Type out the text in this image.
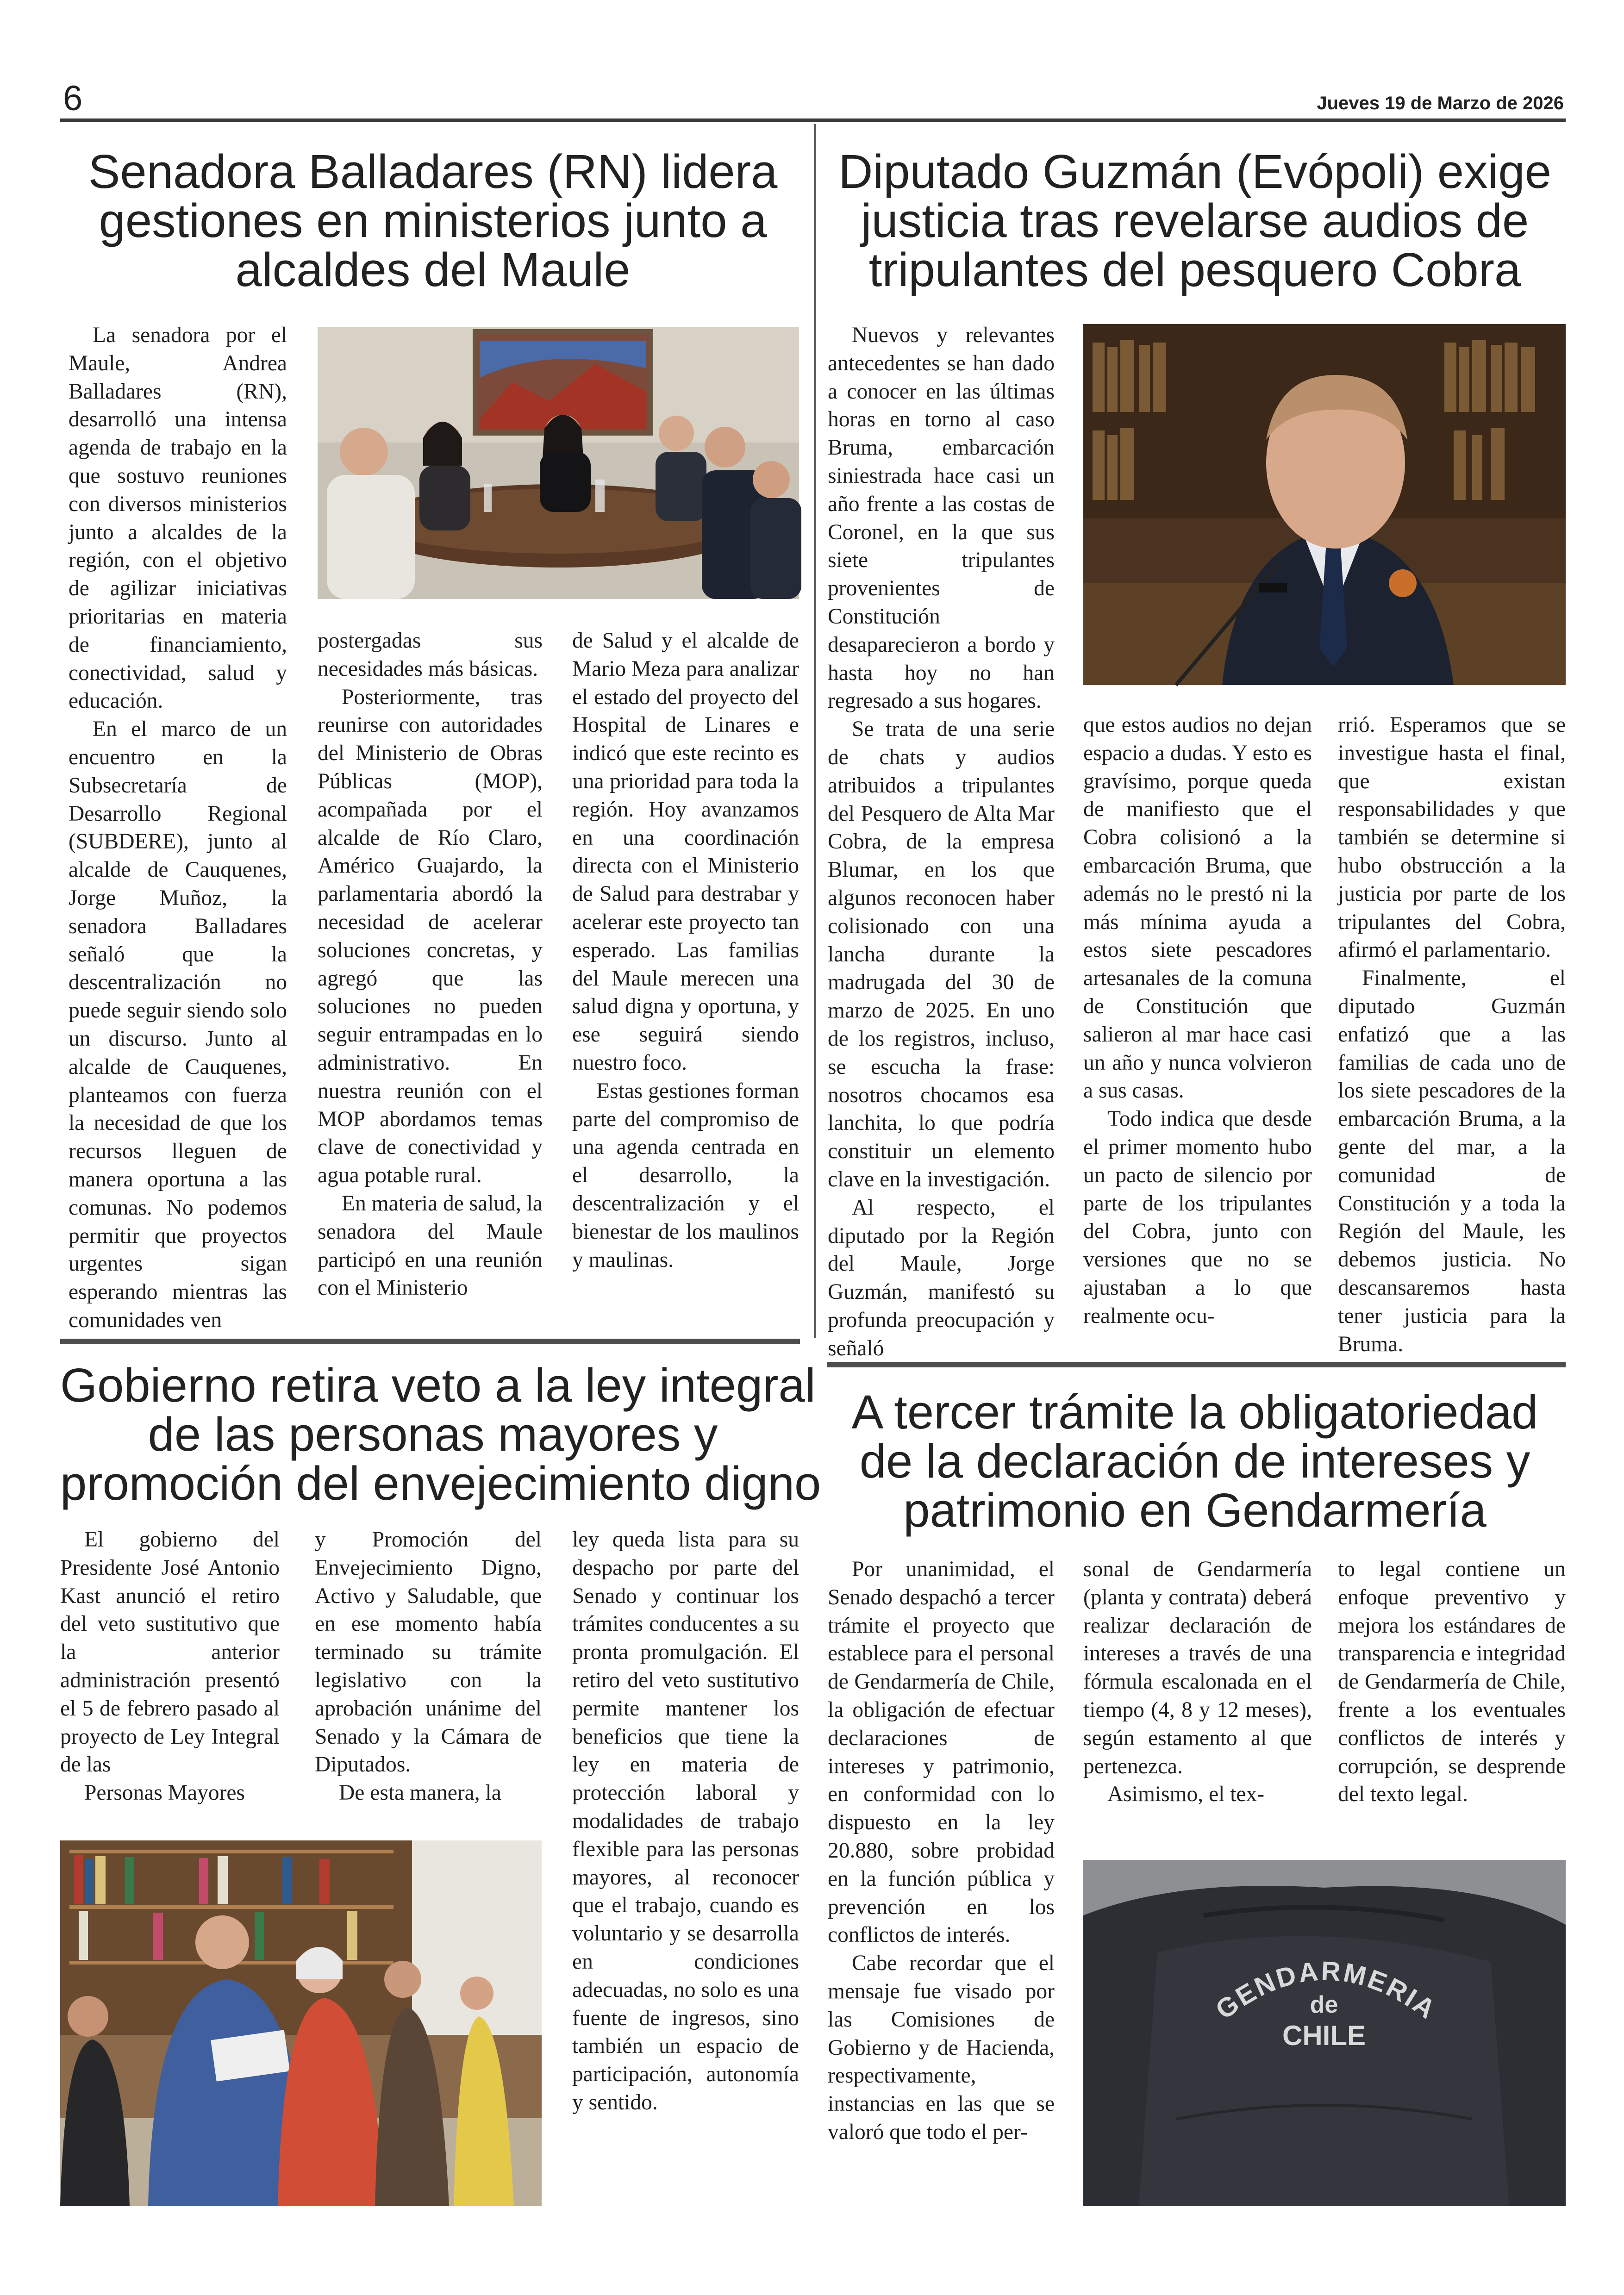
6	Jueves 19 de Marzo de 2026
Senadora Balladares (RN) lidera
gestiones en ministerios junto a
alcaldes del Maule

La senadora por el Maule, Andrea Balladares (RN), desarrolló una intensa agenda de trabajo en la que sostuvo reuniones con diversos ministerios junto a alcaldes de la región, con el objetivo de agilizar iniciativas prioritarias en materia de financiamiento, conectividad, salud y educación.

En el marco de un encuentro en la Subsecretaría de Desarrollo Regional (SUBDERE), junto al alcalde de Cauquenes, Jorge Muñoz, la senadora Balladares señaló que la descentralización no puede seguir siendo solo un discurso. Junto al alcalde de Cauquenes, planteamos con fuerza la necesidad de que los recursos lleguen de manera oportuna a las comunas. No podemos permitir que proyectos urgentes sigan esperando mientras las comunidades ven

postergadas sus necesidades más básicas.

Posteriormente, tras reunirse con autoridades del Ministerio de Obras Públicas (MOP), acompañada por el alcalde de Río Claro, Américo Guajardo, la parlamentaria abordó la necesidad de acelerar soluciones concretas, y agregó que las soluciones no pueden seguir entrampadas en lo administrativo. En nuestra reunión con el MOP abordamos temas clave de conectividad y agua potable rural.

En materia de salud, la senadora del Maule participó en una reunión con el Ministerio

de Salud y el alcalde de Mario Meza para analizar el estado del proyecto del Hospital de Linares e indicó que este recinto es una prioridad para toda la región. Hoy avanzamos en una coordinación directa con el Ministerio de Salud para destrabar y acelerar este proyecto tan esperado. Las familias del Maule merecen una salud digna y oportuna, y ese seguirá siendo nuestro foco.

Estas gestiones forman parte del compromiso de una agenda centrada en el desarrollo, la descentralización y el bienestar de los maulinos y maulinas.

Diputado Guzmán (Evópoli) exige
justicia tras revelarse audios de
tripulantes del pesquero Cobra

Nuevos y relevantes antecedentes se han dado a conocer en las últimas horas en torno al caso Bruma, embarcación siniestrada hace casi un año frente a las costas de Coronel, en la que sus siete tripulantes provenientes de Constitución desaparecieron a bordo y hasta hoy no han regresado a sus hogares.

Se trata de una serie de chats y audios atribuidos a tripulantes del Pesquero de Alta Mar Cobra, de la empresa Blumar, en los que algunos reconocen haber colisionado con una lancha durante la madrugada del 30 de marzo de 2025. En uno de los registros, incluso, se escucha la frase: nosotros chocamos esa lanchita, lo que podría constituir un elemento clave en la investigación.

Al respecto, el diputado por la Región del Maule, Jorge Guzmán, manifestó su profunda preocupación y señaló

que estos audios no dejan espacio a dudas. Y esto es gravísimo, porque queda de manifiesto que el Cobra colisionó a la embarcación Bruma, que además no le prestó ni la más mínima ayuda a estos siete pescadores artesanales de la comuna de Constitución que salieron al mar hace casi un año y nunca volvieron a sus casas.

Todo indica que desde el primer momento hubo un pacto de silencio por parte de los tripulantes del Cobra, junto con versiones que no se ajustaban a lo que realmente ocu-

rrió. Esperamos que se investigue hasta el final, que existan responsabilidades y que también se determine si hubo obstrucción a la justicia por parte de los tripulantes del Cobra, afirmó el parlamentario.

Finalmente, el diputado Guzmán enfatizó que a las familias de cada uno de los siete pescadores de la embarcación Bruma, a la gente del mar, a la comunidad de Constitución y a toda la Región del Maule, les debemos justicia. No descansaremos hasta tener justicia para la Bruma.

Gobierno retira veto a la ley integral
de las personas mayores y
promoción del envejecimiento digno

El gobierno del Presidente José Antonio Kast anunció el retiro del veto sustitutivo que la anterior administración presentó el 5 de febrero pasado al proyecto de Ley Integral de las

Personas Mayores

y Promoción del Envejecimiento Digno, Activo y Saludable, que en ese momento había terminado su trámite legislativo con la aprobación unánime del Senado y la Cámara de Diputados.

De esta manera, la

ley queda lista para su despacho por parte del Senado y continuar los trámites conducentes a su pronta promulgación. El retiro del veto sustitutivo permite mantener los beneficios que tiene la ley en materia de protección laboral y modalidades de trabajo flexible para las personas mayores, al reconocer que el trabajo, cuando es voluntario y se desarrolla en condiciones adecuadas, no solo es una fuente de ingresos, sino también un espacio de participación, autonomía y sentido.

A tercer trámite la obligatoriedad
de la declaración de intereses y
patrimonio en Gendarmería

Por unanimidad, el Senado despachó a tercer trámite el proyecto que establece para el personal de Gendarmería de Chile, la obligación de efectuar declaraciones de intereses y patrimonio, en conformidad con lo dispuesto en la ley 20.880, sobre probidad en la función pública y prevención en los conflictos de interés.

Cabe recordar que el mensaje fue visado por las Comisiones de Gobierno y de Hacienda, respectivamente, instancias en las que se valoró que todo el per-

sonal de Gendarmería (planta y contrata) deberá realizar declaración de intereses a través de una fórmula escalonada en el tiempo (4, 8 y 12 meses), según estamento al que pertenezca.

Asimismo, el tex-

to legal contiene un enfoque preventivo y mejora los estándares de transparencia e integridad de Gendarmería de Chile, frente a los eventuales conflictos de interés y corrupción, se desprende del texto legal.

GENDARMERIA
de
CHILE
